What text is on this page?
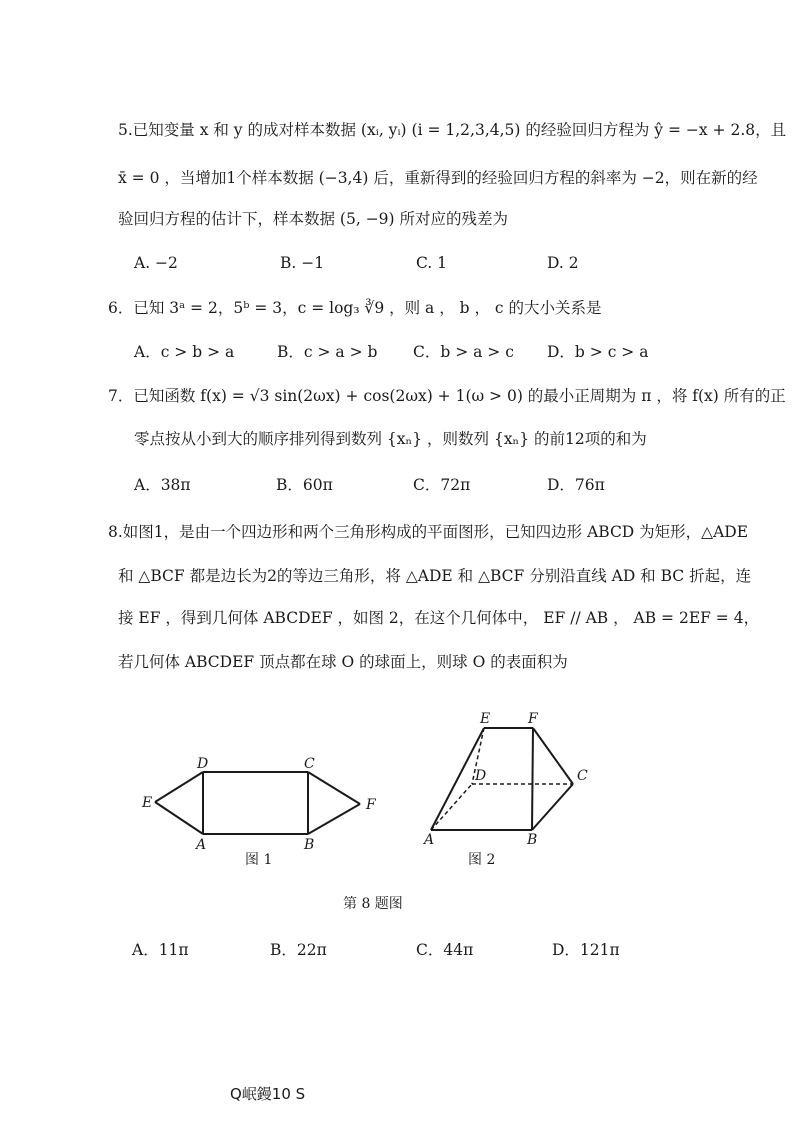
5.已知变量 x 和 y 的成对样本数据 (xᵢ, yᵢ) (i = 1,2,3,4,5) 的经验回归方程为 ŷ = −x + 2.8，且
x̄ = 0 ，当增加1个样本数据 (−3,4) 后，重新得到的经验回归方程的斜率为 −2，则在新的经
验回归方程的估计下，样本数据 (5, −9) 所对应的残差为
A. −2	B. −1	C. 1	D. 2
6．已知 3ᵃ = 2，5ᵇ = 3，c = log₃ ∛9 ，则 a ， b ， c 的大小关系是
A．c > b > a	B．c > a > b C．b > a > c D．b > c > a
7．已知函数 f(x) = √3 sin(2ωx) + cos(2ωx) + 1(ω > 0) 的最小正周期为 π ，将 f(x) 所有的正
零点按从小到大的顺序排列得到数列 {xₙ} ，则数列 {xₙ} 的前12项的和为
A．38π	B．60π	C．72π	D．76π
8.如图1，是由一个四边形和两个三角形构成的平面图形，已知四边形 ABCD 为矩形，△ADE
和 △BCF 都是边长为2的等边三角形，将 △ADE 和 △BCF 分别沿直线 AD 和 BC 折起，连
接 EF ，得到几何体 ABCDEF ，如图 2，在这个几何体中， EF // AB ， AB = 2EF = 4，
若几何体 ABCDEF 顶点都在球 O 的球面上，则球 O 的表面积为
D	C
E	F
A	B
图 1
E	F
D	C
A	B
图 2
第 8 题图
A．11π	B．22π	C．44π	D．121π
Q岷鏝10 S
